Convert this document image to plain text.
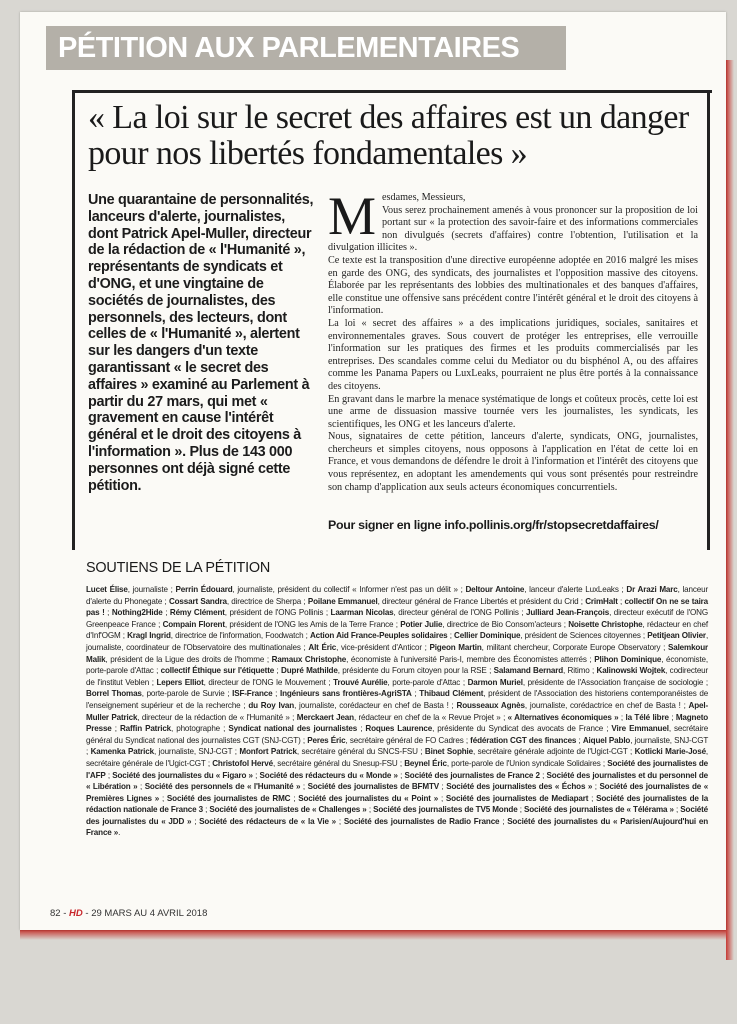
PÉTITION AUX PARLEMENTAIRES
« La loi sur le secret des affaires est un danger pour nos libertés fondamentales »
Une quarantaine de personnalités, lanceurs d'alerte, journalistes, dont Patrick Apel-Muller, directeur de la rédaction de « l'Humanité », représentants de syndicats et d'ONG, et une vingtaine de sociétés de journalistes, des personnels, des lecteurs, dont celles de « l'Humanité », alertent sur les dangers d'un texte garantissant « le secret des affaires » examiné au Parlement à partir du 27 mars, qui met « gravement en cause l'intérêt général et le droit des citoyens à l'information ». Plus de 143 000 personnes ont déjà signé cette pétition.
M esdames, Messieurs,
Vous serez prochainement amenés à vous prononcer sur la proposition de loi portant sur « la protection des savoir-faire et des informations commerciales non divulgués (secrets d'affaires) contre l'obtention, l'utilisation et la divulgation illicites ».

Ce texte est la transposition d'une directive européenne adoptée en 2016 malgré les mises en garde des ONG, des syndicats, des journalistes et l'opposition massive des citoyens. Élaborée par les représentants des lobbies des multinationales et des banques d'affaires, elle constitue une offensive sans précédent contre l'intérêt général et le droit des citoyens à l'information.

La loi « secret des affaires » a des implications juridiques, sociales, sanitaires et environnementales graves. Sous couvert de protéger les entreprises, elle verrouille l'information sur les pratiques des firmes et les produits commercialisés par les entreprises. Des scandales comme celui du Mediator ou du bisphénol A, ou des affaires comme les Panama Papers ou LuxLeaks, pourraient ne plus être portés à la connaissance des citoyens.

En gravant dans le marbre la menace systématique de longs et coûteux procès, cette loi est une arme de dissuasion massive tournée vers les journalistes, les syndicats, les scientifiques, les ONG et les lanceurs d'alerte.

Nous, signataires de cette pétition, lanceurs d'alerte, syndicats, ONG, journalistes, chercheurs et simples citoyens, nous opposons à l'application en l'état de cette loi en France, et vous demandons de défendre le droit à l'information et l'intérêt des citoyens que vous représentez, en adoptant les amendements qui vous sont présentés pour restreindre son champ d'application aux seuls acteurs économiques concurrentiels.

Pour signer en ligne info.pollinis.org/fr/stopsecretdaffaires/
SOUTIENS DE LA PÉTITION
Lucet Élise, journaliste ; Perrin Édouard, journaliste, président du collectif « Informer n'est pas un délit » ; Deltour Antoine, lanceur d'alerte LuxLeaks ; Dr Arazi Marc, lanceur d'alerte du Phonegate ; Cossart Sandra, directrice de Sherpa ; Poilane Emmanuel, directeur général de France Libertés et président du Crid ; CrimHalt ; collectif On ne se taira pas ! ; Nothing2Hide ; Rémy Clément, président de l'ONG Pollinis ; Laarman Nicolas, directeur général de l'ONG Pollinis ; Julliard Jean-François, directeur exécutif de l'ONG Greenpeace France ; Compain Florent, président de l'ONG les Amis de la Terre France ; Potier Julie, directrice de Bio Consom'acteurs ; Noisette Christophe, rédacteur en chef d'Inf'OGM ; Kragl Ingrid, directrice de l'information, Foodwatch ; Action Aid France-Peuples solidaires ; Cellier Dominique, président de Sciences citoyennes ; Petitjean Olivier, journaliste, coordinateur de l'Observatoire des multinationales ; Alt Éric, vice-président d'Anticor ; Pigeon Martin, militant chercheur, Corporate Europe Observatory ; Salemkour Malik, président de la Ligue des droits de l'homme ; Ramaux Christophe, économiste à l'université Paris-I, membre des Économistes atterrés ; Plihon Dominique, économiste, porte-parole d'Attac ; collectif Éthique sur l'étiquette ; Dupré Mathilde, présidente du Forum citoyen pour la RSE ; Salamand Bernard, Ritimo ; Kalinowski Wojtek, codirecteur de l'institut Veblen ; Lepers Elliot, directeur de l'ONG le Mouvement ; Trouvé Aurélie, porte-parole d'Attac ; Darmon Muriel, présidente de l'Association française de sociologie ; Borrel Thomas, porte-parole de Survie ; ISF-France ; Ingénieurs sans frontières-AgriSTA ; Thibaud Clément, président de l'Association des historiens contemporanéistes de l'enseignement supérieur et de la recherche ; du Roy Ivan, journaliste, corédacteur en chef de Basta ! ; Rousseaux Agnès, journaliste, corédactrice en chef de Basta ! ; Apel-Muller Patrick, directeur de la rédaction de « l'Humanité » ; Merckaert Jean, rédacteur en chef de la « Revue Projet » ; « Alternatives économiques » ; la Télé libre ; Magneto Presse ; Raffin Patrick, photographe ; Syndicat national des journalistes ; Roques Laurence, présidente du Syndicat des avocats de France ; Vire Emmanuel, secrétaire général du Syndicat national des journalistes CGT (SNJ-CGT) ; Peres Éric, secrétaire général de FO Cadres ; fédération CGT des finances ; Aiquel Pablo, journaliste, SNJ-CGT ; Kamenka Patrick, journaliste, SNJ-CGT ; Monfort Patrick, secrétaire général du SNCS-FSU ; Binet Sophie, secrétaire générale adjointe de l'Ugict-CGT ; Kotlicki Marie-José, secrétaire générale de l'Ugict-CGT ; Christofol Hervé, secrétaire général du Snesup-FSU ; Beynel Éric, porte-parole de l'Union syndicale Solidaires ; Société des journalistes de l'AFP ; Société des journalistes du « Figaro » ; Société des rédacteurs du « Monde » ; Société des journalistes de France 2 ; Société des journalistes et du personnel de « Libération » ; Société des personnels de « l'Humanité » ; Société des journalistes de BFMTV ; Société des journalistes des « Échos » ; Société des journalistes de « Premières Lignes » ; Société des journalistes de RMC ; Société des journalistes du « Point » ; Société des journalistes de Mediapart ; Société des journalistes de la rédaction nationale de France 3 ; Société des journalistes de « Challenges » ; Société des journalistes de TV5 Monde ; Société des journalistes de « Télérama » ; Société des journalistes du « JDD » ; Société des rédacteurs de « la Vie » ; Société des journalistes de Radio France ; Société des journalistes du « Parisien/Aujourd'hui en France ».
82 - HD - 29 MARS AU 4 AVRIL 2018
